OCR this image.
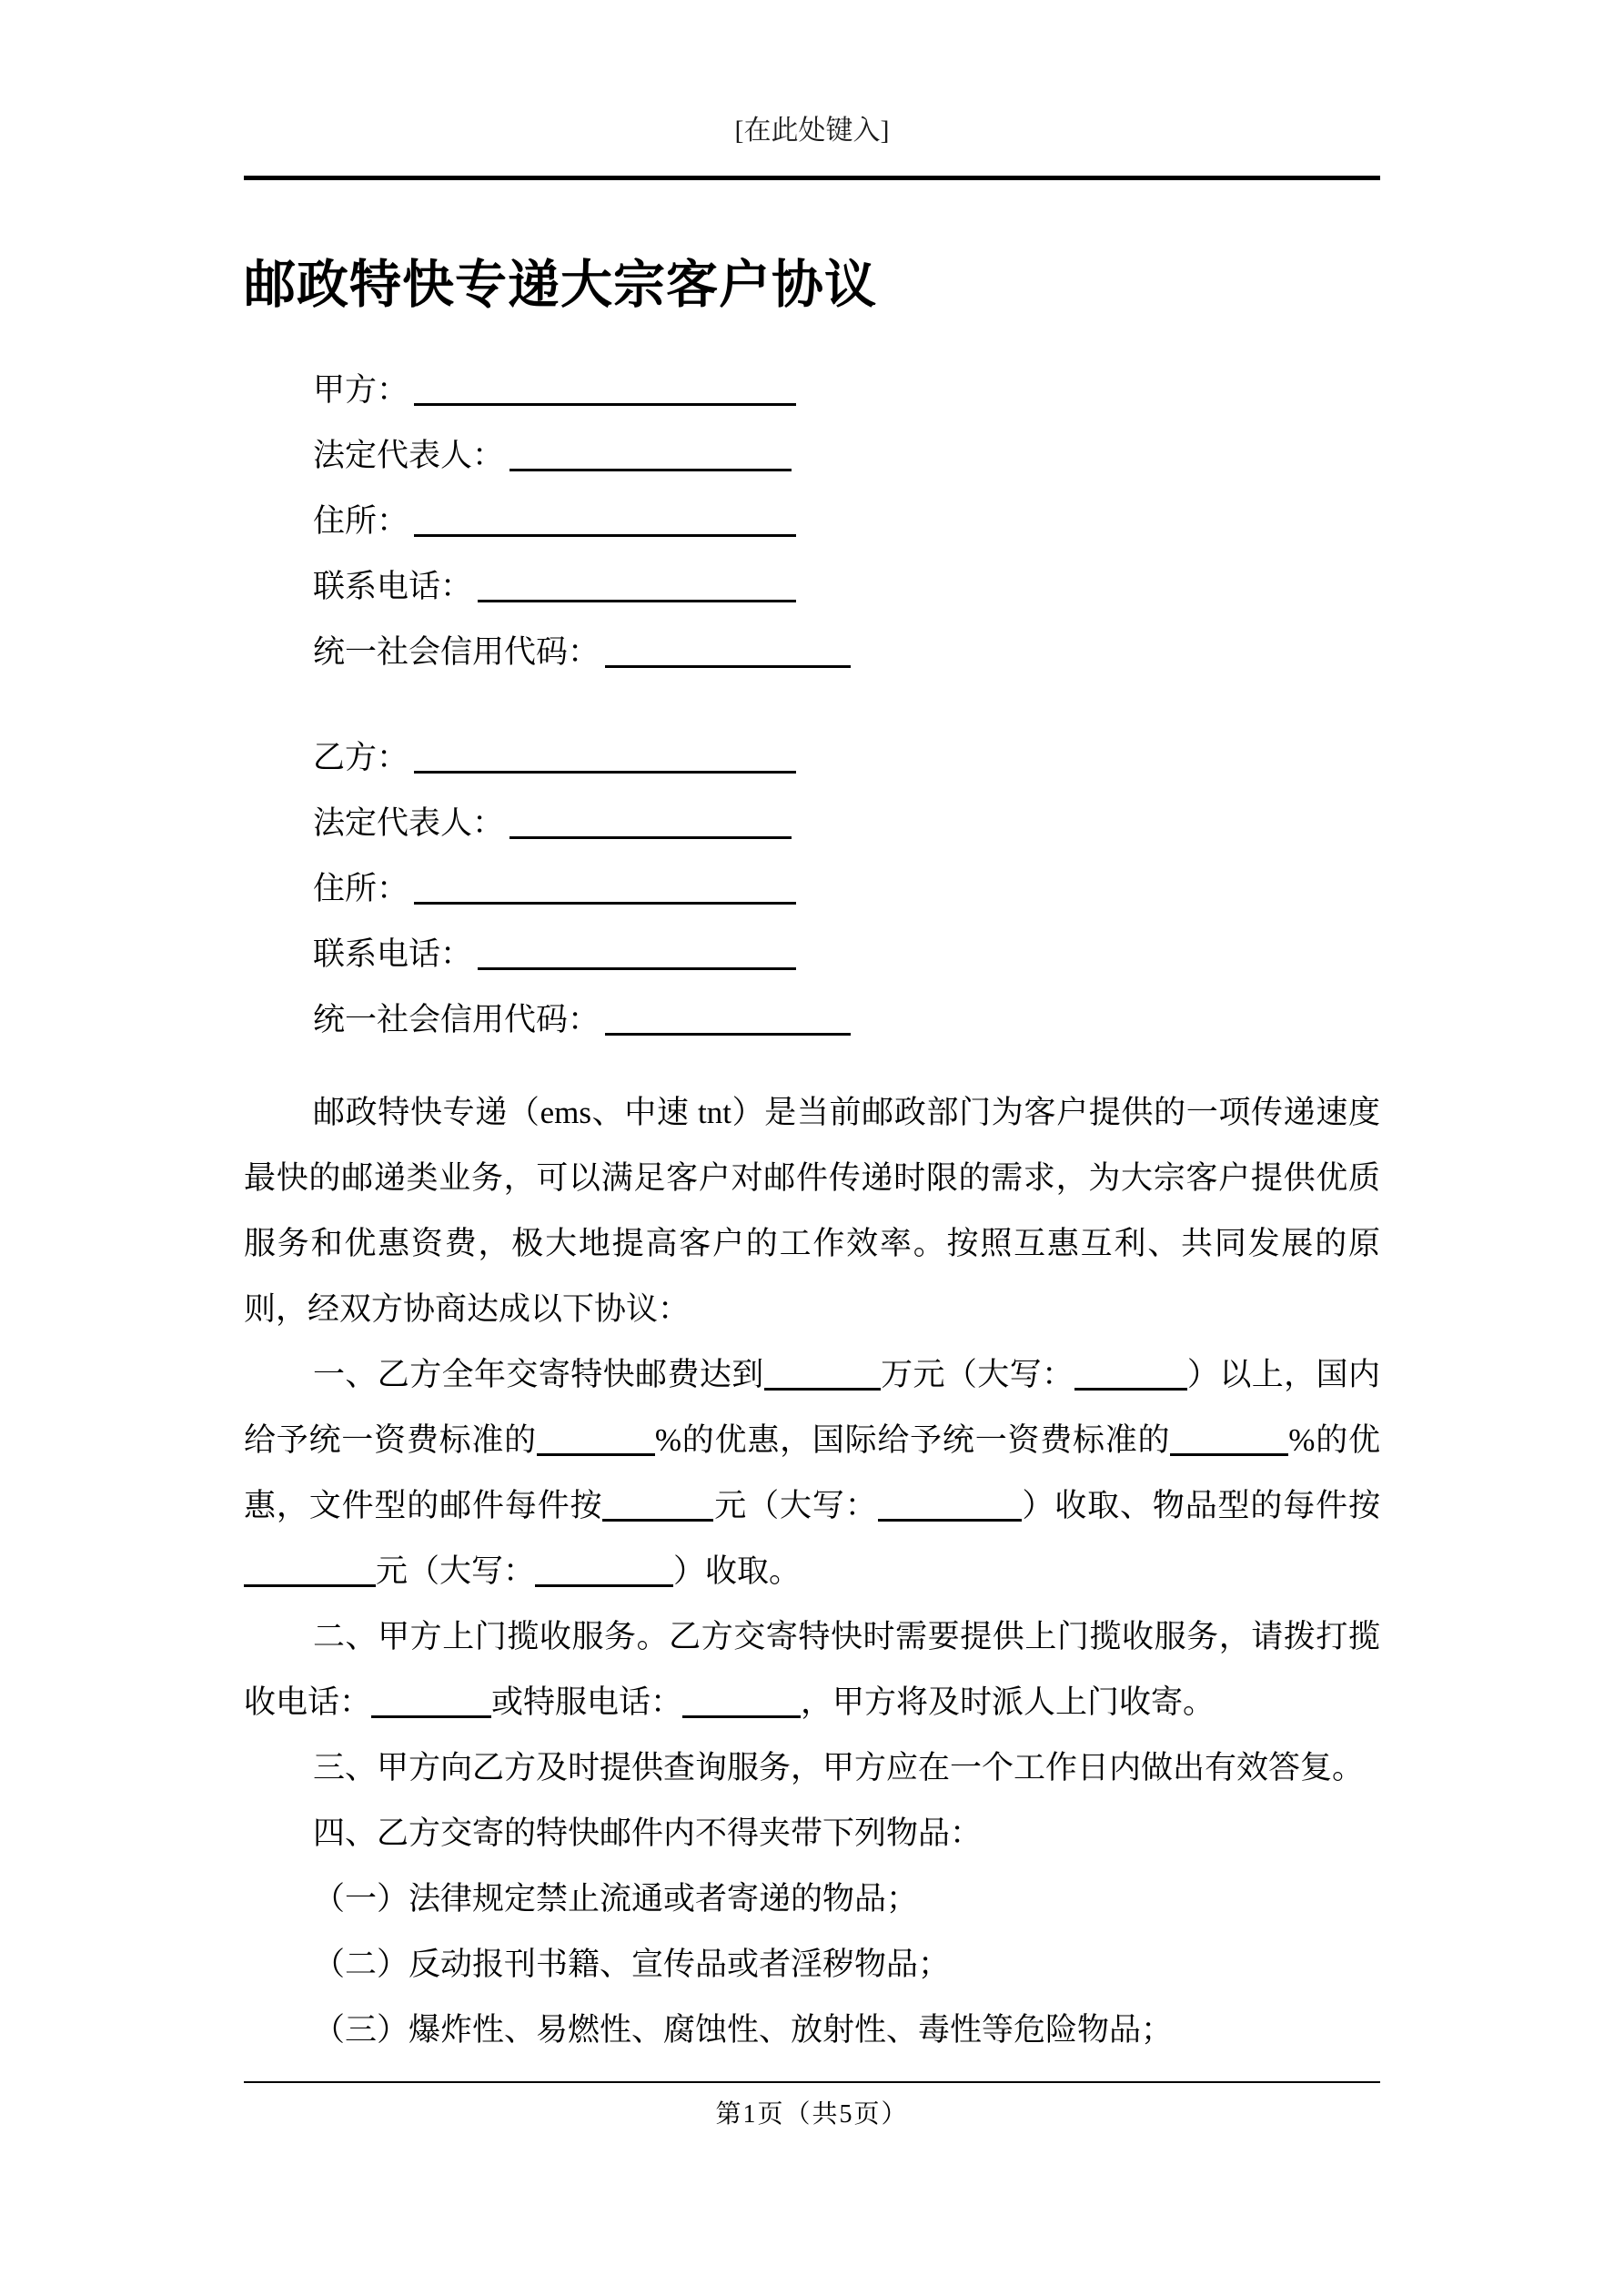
[在此处键入]
邮政特快专递大宗客户协议
甲方：
法定代表人：
住所：
联系电话：
统一社会信用代码：
乙方：
法定代表人：
住所：
联系电话：
统一社会信用代码：

邮政特快专递（ems、中速 tnt）是当前邮政部门为客户提供的一项传递速度最快的邮递类业务，可以满足客户对邮件传递时限的需求，为大宗客户提供优质服务和优惠资费，极大地提高客户的工作效率。按照互惠互利、共同发展的原则，经双方协商达成以下协议：

一、乙方全年交寄特快邮费达到	万元（大写：	）以上，国内给予统一资费标准的	%的优惠，国际给予统一资费标准的	%的优惠，文件型的邮件每件按	元（大写：	）收取、物品型的每件按元（大写：	）收取。

二、甲方上门揽收服务。乙方交寄特快时需要提供上门揽收服务，请拨打揽收电话：	或特服电话：	，甲方将及时派人上门收寄。

三、甲方向乙方及时提供查询服务，甲方应在一个工作日内做出有效答复。

四、乙方交寄的特快邮件内不得夹带下列物品：

（一）法律规定禁止流通或者寄递的物品；

（二）反动报刊书籍、宣传品或者淫秽物品；

（三）爆炸性、易燃性、腐蚀性、放射性、毒性等危险物品；

第1页（共5页）
